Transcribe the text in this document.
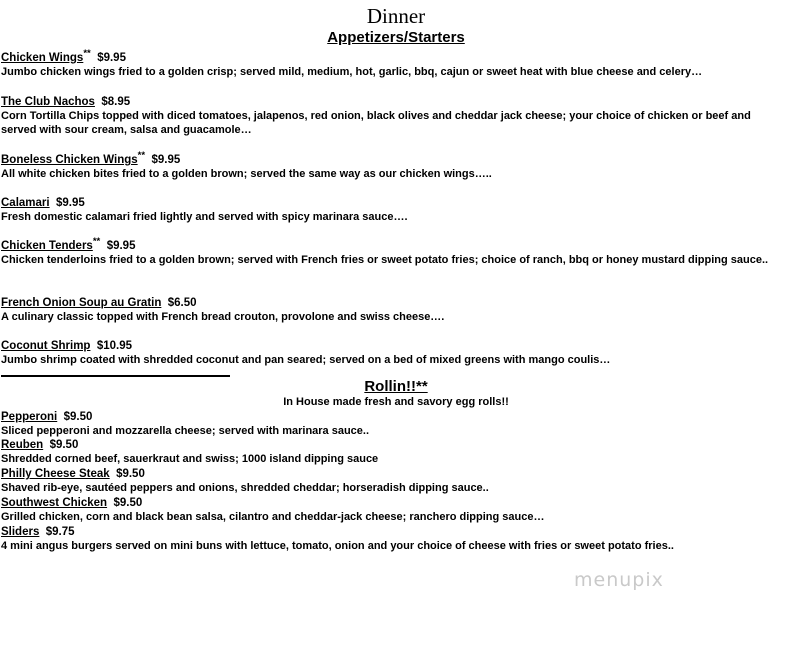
Dinner
Appetizers/Starters
Chicken Wings** $9.95
Jumbo chicken wings fried to a golden crisp; served mild, medium, hot, garlic, bbq, cajun or sweet heat with blue cheese and celery…
The Club Nachos $8.95
Corn Tortilla Chips topped with diced tomatoes, jalapenos, red onion, black olives and cheddar jack cheese; your choice of chicken or beef and served with sour cream, salsa and guacamole…
Boneless Chicken Wings** $9.95
All white chicken bites fried to a golden brown; served the same way as our chicken wings…..
Calamari $9.95
Fresh domestic calamari fried lightly and served with spicy marinara sauce….
Chicken Tenders** $9.95
Chicken tenderloins fried to a golden brown; served with French fries or sweet potato fries; choice of ranch, bbq or honey mustard dipping sauce..
French Onion Soup au Gratin $6.50
A culinary classic topped with French bread crouton, provolone and swiss cheese….
Coconut Shrimp $10.95
Jumbo shrimp coated with shredded coconut and pan seared; served on a bed of mixed greens with mango coulis…
Rollin!!**
In House made fresh and savory egg rolls!!
Pepperoni $9.50
Sliced pepperoni and mozzarella cheese; served with marinara sauce..
Reuben $9.50
Shredded corned beef, sauerkraut and swiss; 1000 island dipping sauce
Philly Cheese Steak $9.50
Shaved rib-eye, sautéed peppers and onions, shredded cheddar; horseradish dipping sauce..
Southwest Chicken $9.50
Grilled chicken, corn and black bean salsa, cilantro and cheddar-jack cheese; ranchero dipping sauce…
Sliders $9.75
4 mini angus burgers served on mini buns with lettuce, tomato, onion and your choice of cheese with fries or sweet potato fries..
menupix
